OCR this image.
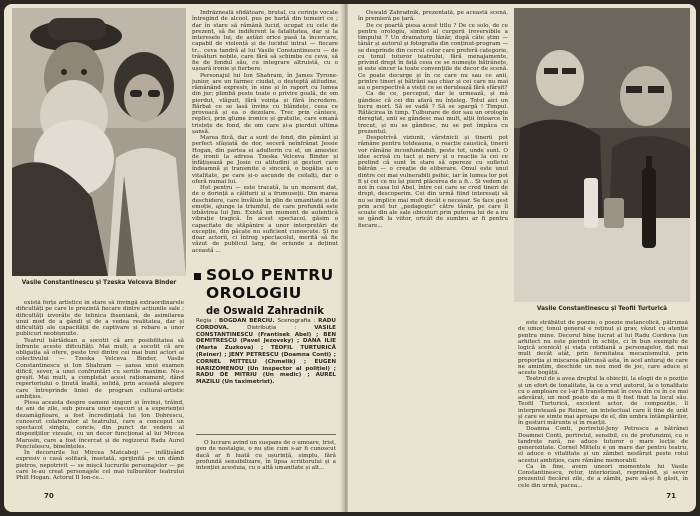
Vasile Constantinescu și Tzeska Velceva Binder

Îndrăzneală sfidătoare, brutal, cu cerințe vocale întregind de alcool, pus pe harță din temeiri ce ; dar în stare să rămână lucid, ocupat cu cele de prezent, să fie indiferent la fatalitatea, dar și la interesele lui, de astăzi orice pasă la încercare, capabil de violență și de lucidul intrat — fiecare tr... ceva tandră al lui Vasile Constantinescu — de trăsături nobile, care fără să schimbe cu ceva, să fie de fondul său, cu integrare altruistă, cu o ușoară ironie și fierbere.

Personajul lui Ion Shahram, în James Tyrone-junior, are un farmec ciudat, o deșteptă atitudine, rămânând expresiv, în sine și în raport cu lumea din jur; plimbă peste toate o privire goală, de om pierdut, vlăguit, fără voința și fără încredere. Bărbat ce se lasă învins cu blândețe, ceea ce provoacă și ea o dezolare. Trec prin cântece, replici, prin glume ironice și gratuite, care emană tristețe de fond, de om care și-a pierdut ultima șansă.

Marea fiică, dar a sunt de fond, din pământ și perfect sfâșiată de dor, seceră neînfrânat Jessie Hogan, din partea ei adulterin cu el, un amestec de ironii la adresa Tzeska Velceva Binder și înfățișează pe Josie cu atitudini și gesturi care îndeamnă și transmite o sinceră, o bogăție și o vitalitate, pe care și-o ascunde de ceilalți, dar o oferă numai lui.

Hot pentru — este tracată, la un moment dat, de o dorință a căldurii și a frumuseții. Din marea deschidere, care învăluie în plin de umanitate și de emoție, ajunge la triumful, de care profundă este izbăvirea lui Jim. Există un moment de autentică vibrație tragică. În acest spectacol, găsim o capacitate de stăpânire a unor interpretări de excepție, din păcate nu suficient cunoscute. Și nu doar actorii, ci întreg spectacolul, merită să fie văzut de publicul larg, de oriunde a deținut această ...

există forțe artistice în stare să învingă extraordinarele dificultăți pe care le prezintă fiecare dintre acțiunile sale ; dificultăți izvorâte de tehnica ibseniană, de asimilarea unui mod de a gândi și de a vedea realitatea, dar și dificultăți ale capacității de captivare și rebare a unor publicuri neobișnuite.

Teatrul bârlădean a socotit că are posibilitatea să înfrunte aceste dificultăți. Mai mult, a socotit că are obligația să ofere, peste trei dintre cei mai buni actori ai colectivului — Tzeska Velceva Binder, Vasile Constantinescu și Ion Shahram — șansa unui examen dificil, sever, a unei confruntări cu seriile maxime. Nu-s greșit. Mai mult, a completat acest raționament, dând repertoriului o ținută înaltă, solidă, prin această alegere care întreprinde liniei de program cultural-artistic ambițios.

Piesa aceasta despre oameni singuri și învinși, trăind, de ani de zile, sub povara unor eșecuri și a experienței dezamăgitoare, a fost încredințată lui Ion Dobrescu, cunoscut colaborator al teatrului, care a conceput un spectacol simplu, concis, din punct de vedere al dispozițiilor vizuale, cu un decor funcțional al lui Mircea Marosin, care a fost încercat și de regizorul Radu Aurel Penciulescu, bineînțeles.

În decorurile lui Mircea Matcaboji — infățișând expresiv o casă solitară, însetată, sprijinită pe un dâmb pietros, nepotrivit — se mișcă lucrurile personajelor — pe care le-au creat personajele cel mai tulburător teatrului Phill Hogan. Actorul Il Ion-ce...

SOLO PENTRU
OROLOGIU
de Oswald Zahradnik
Regia : BOGDAN BERCIU. Scenografia : RADU CORDOVA. Distribuția : VASILE CONSTANTINESCU (Frantisek Abel) ; BEN DEMITRESCU (Pavel Jezovsky) ; DANA ILIE (Marta Zuzkova) ; TEOFIL TURTURICĂ (Reiner) ; JENY PETRESCU (Doamna Conti) ; CORNEL MITTELU (Chmelik) ; EUGEN HARIZOMENOU (Un inspector al poliției) ; RADU DE MITRIU (Un medic) ; AUREL MAZILU (Un taximetrist).

O lucrare avînd un suspans de o umoare, trist, gen de nostalgie, o nu știe cum s-ar fi cunoscut dacă ar fi luată cu ușurință, simplu, fără profundă sensibilizare, în lipsa scriitorului și a intenției acestuia, cu o altă umanitate și alt...

70

Oswald Zahradnik, prezentată, pe această scenă, în premieră pe țară.

De ce poartă piesa acest titlu ? De ce solo, de ce pentru orologiu, simbol al curgerii ireversibile a timpului ? Un dramaturg tânăr, după câte știm — tânăr și autorul și fotografia din conținut-program — se desprinde din cercul celor care preferă categorie, cu tonul tuturor teatrului, fără menajamente, privind drept în față ceea ce se numește bătrânețe, și este sincer la toate convențiile de decor de scenă. Ce poate decurge și în ce care nu sau ce anii, printre tineri și bătrâni sau chiar și cei care nu mai au o perspectivă a vieții ce se derulează fără sfârșit?

Ca de ce, perceput, dar le urmează, și mă gândesc că cei din afară nu înțeleg. Totul aici un lucru mort. Să se vadă ? Să se spargă ! Timpul. Rătăcirea în timp. Tulburare de dor sau un orologiu deregtat, unii se gândesc mai mult, alții întoarce în trecut, și nu se gândesc, nu se pot împăca cu prezentul.

Despotrivă viziunii, vârstnicii și tinerii pot rămâne pentru totdeauna, o reacție caustică, tinerii vor rămâne inconfundabili, peste tot, unde sunt. O idee scrisă cu tact și nerv și o reacție la cei ce pretind că sunt în stare să opereze cu sufletul bătrân — o creație de eliberare. Omul este unul dintre cei mai vulnerabili psihic, iar în lumea lor pot fi și cei ce nu își pierd plăcerea de a fi... Și vedem și noi în casa lui Abel, între cei care se cred tineri de drept, descoperim. Cei din urmă fiind interesați să nu se implice mai mult decât e necesar. Se face gest prin acel tur „pedagogic” către tânăr, pe care îl scoate din ale sale obiceiuri prin puterea lui de a nu se gândi la viitor, oricât de sumbru ar fi pentru fiecare...

Vasile Constantinescu și Teofil Turturică

este străbătut de poezie, o poezie melancolică, pătrunsă de umor, tonul general e reținut și grav, văzut cu atenție pentru mine. Decorul bine lucrat al lui Radu Cordova (un arhitect nu este pierdut în schițe, ci în bun exemplu de logică scenică) și viața cotidiană a personajelor, dat mai mult decât atât, prin fermitatea mecanismului, prin proporția și mișcarea pătrunsă asta, în acel anturaj de care ne amintim, deschide un nou mod de joc, care aduce și aceste bogății.

Teatrul de a avea dreptul la obiecții, la elogii de o poziție și un efort de tonalitate, la ce a vrut autorul, la o tonalitate cu o amploare ce l-ar fi transformat în ceva din ce în ce mai adevărat, un mod poate de a nu fi fost fixat la locul său. Teofil Turturică, excelent actor, de compoziție, îl interpretează pe Reiner, un intelectual care îi tine de urât și care se simte mai aproape de el, din umbra întâmplărilor, în gesturi mărunte și în reacții.

Doamna Conti, portretul-Jeny Petrescu a bătrânei Doamnei Conti, portretul, sensibil, cu de profunzimi, cu o tandrețe rară, ne aduce tuturor o mare lecție de generozitate. Cornel Mittelu e un mare dar pentru teatru, el aduce o vitalitate și un zâmbet nesfârșit peste rolul acestui ambițios, care rămâne memorabil.

Ca în fine, avem uneori momentele lui Vasile Constantinescu, retur, interiorizat, reprimând, și sever prezentul fiecărei zile, de a zâmbi, pare să-și fi găsit, în cele din urmă, pacea...

71
